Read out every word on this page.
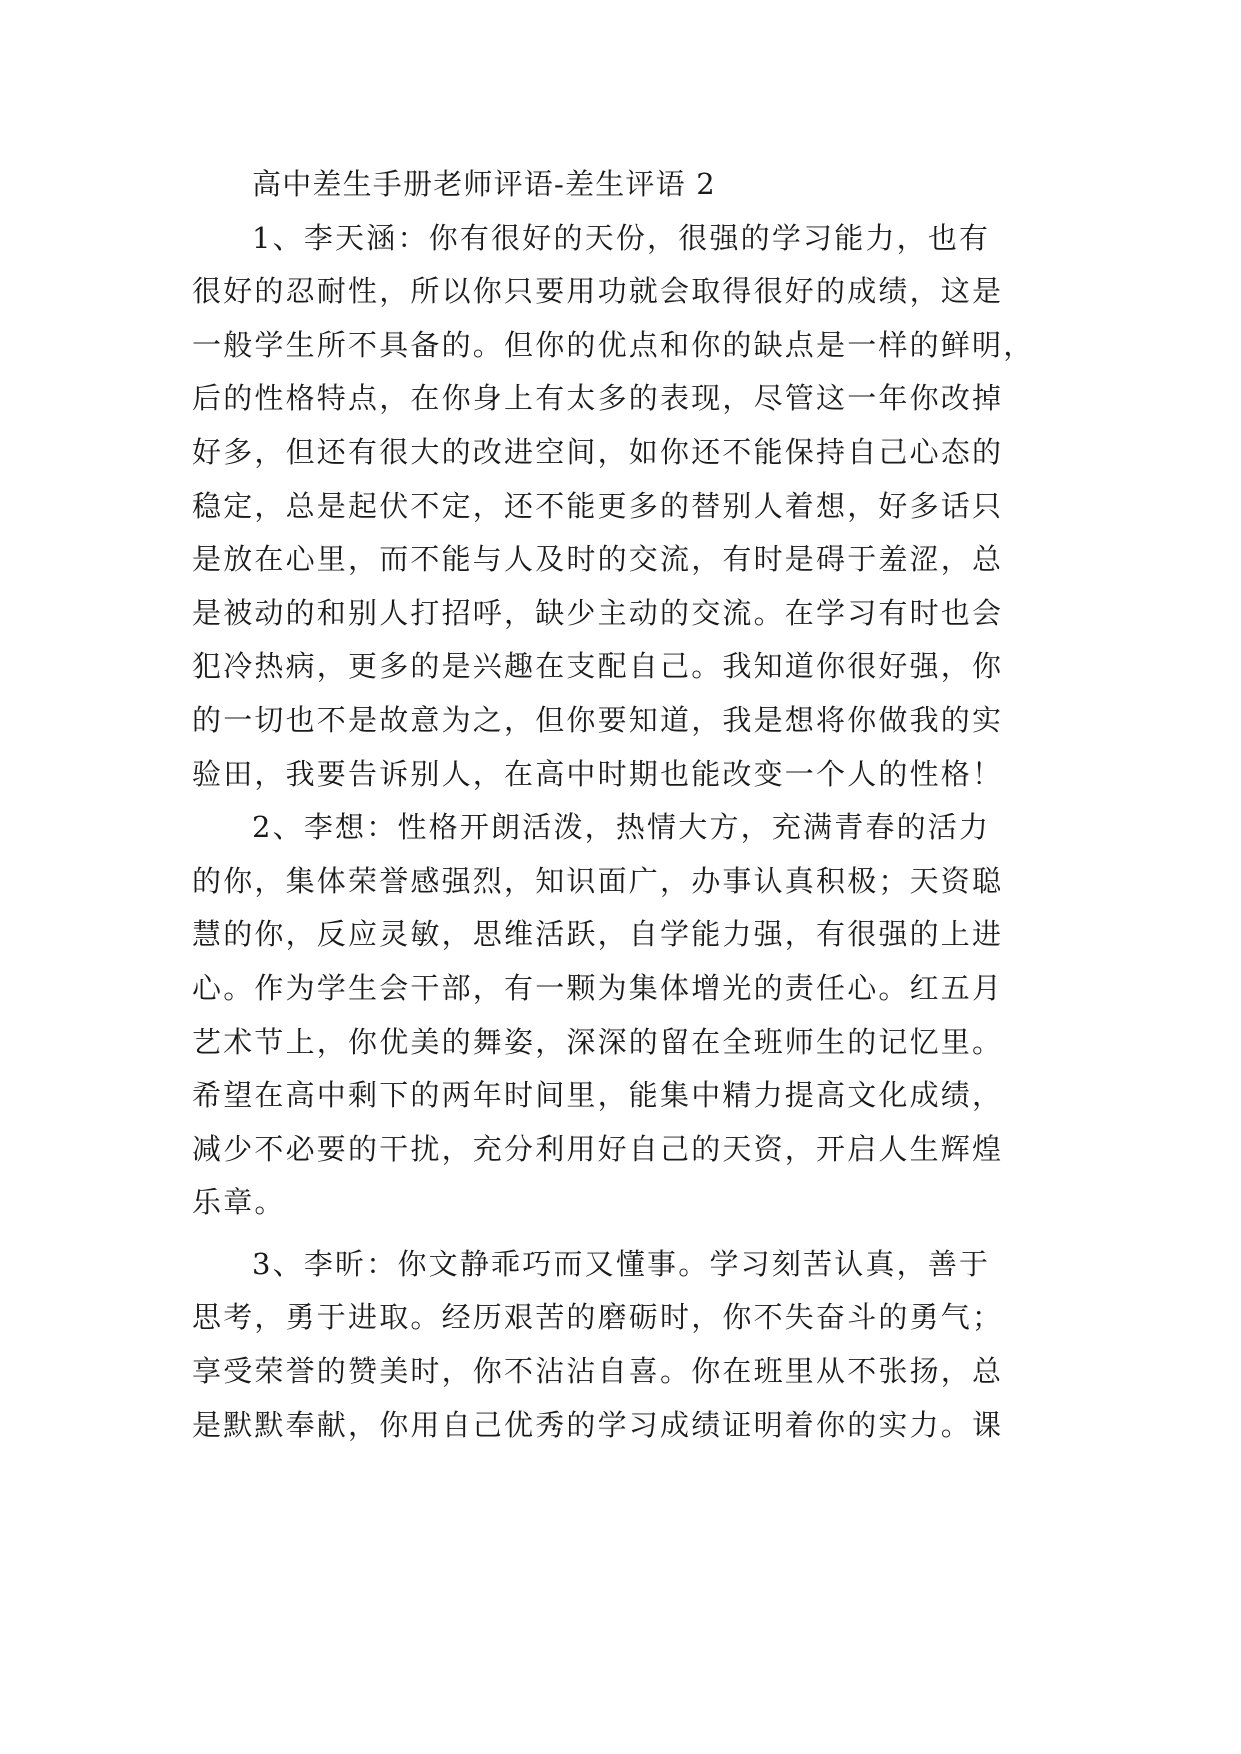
高中差生手册老师评语-差生评语 2
1、李天涵：你有很好的天份，很强的学习能力，也有
很好的忍耐性，所以你只要用功就会取得很好的成绩，这是
一般学生所不具备的。但你的优点和你的缺点是一样的鲜明，
后的性格特点，在你身上有太多的表现，尽管这一年你改掉
好多，但还有很大的改进空间，如你还不能保持自己心态的
稳定，总是起伏不定，还不能更多的替别人着想，好多话只
是放在心里，而不能与人及时的交流，有时是碍于羞涩，总
是被动的和别人打招呼，缺少主动的交流。在学习有时也会
犯冷热病，更多的是兴趣在支配自己。我知道你很好强，你
的一切也不是故意为之，但你要知道，我是想将你做我的实
验田，我要告诉别人，在高中时期也能改变一个人的性格！
2、李想：性格开朗活泼，热情大方，充满青春的活力
的你，集体荣誉感强烈，知识面广，办事认真积极；天资聪
慧的你，反应灵敏，思维活跃，自学能力强，有很强的上进
心。作为学生会干部，有一颗为集体增光的责任心。红五月
艺术节上，你优美的舞姿，深深的留在全班师生的记忆里。
希望在高中剩下的两年时间里，能集中精力提高文化成绩，
减少不必要的干扰，充分利用好自己的天资，开启人生辉煌
乐章。
3、李昕：你文静乖巧而又懂事。学习刻苦认真，善于
思考，勇于进取。经历艰苦的磨砺时，你不失奋斗的勇气；
享受荣誉的赞美时，你不沾沾自喜。你在班里从不张扬，总
是默默奉献，你用自己优秀的学习成绩证明着你的实力。课
